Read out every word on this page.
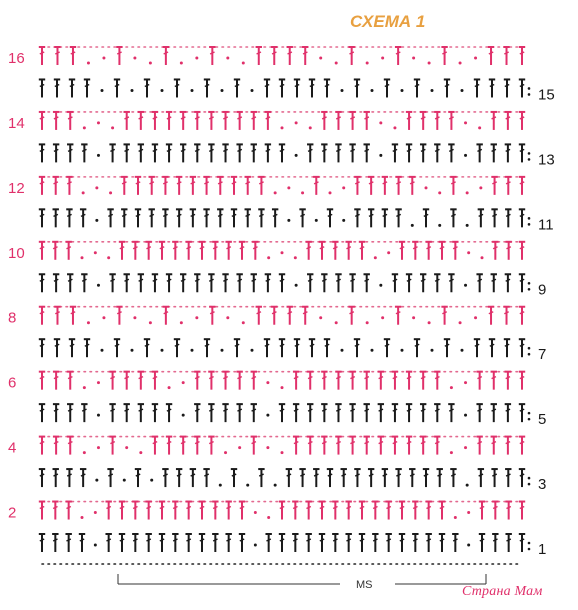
СХЕМА 1
16
15
14
13
12
11
10
9
8
7
6
5
4
3
2
1
MS	Страна Мам
